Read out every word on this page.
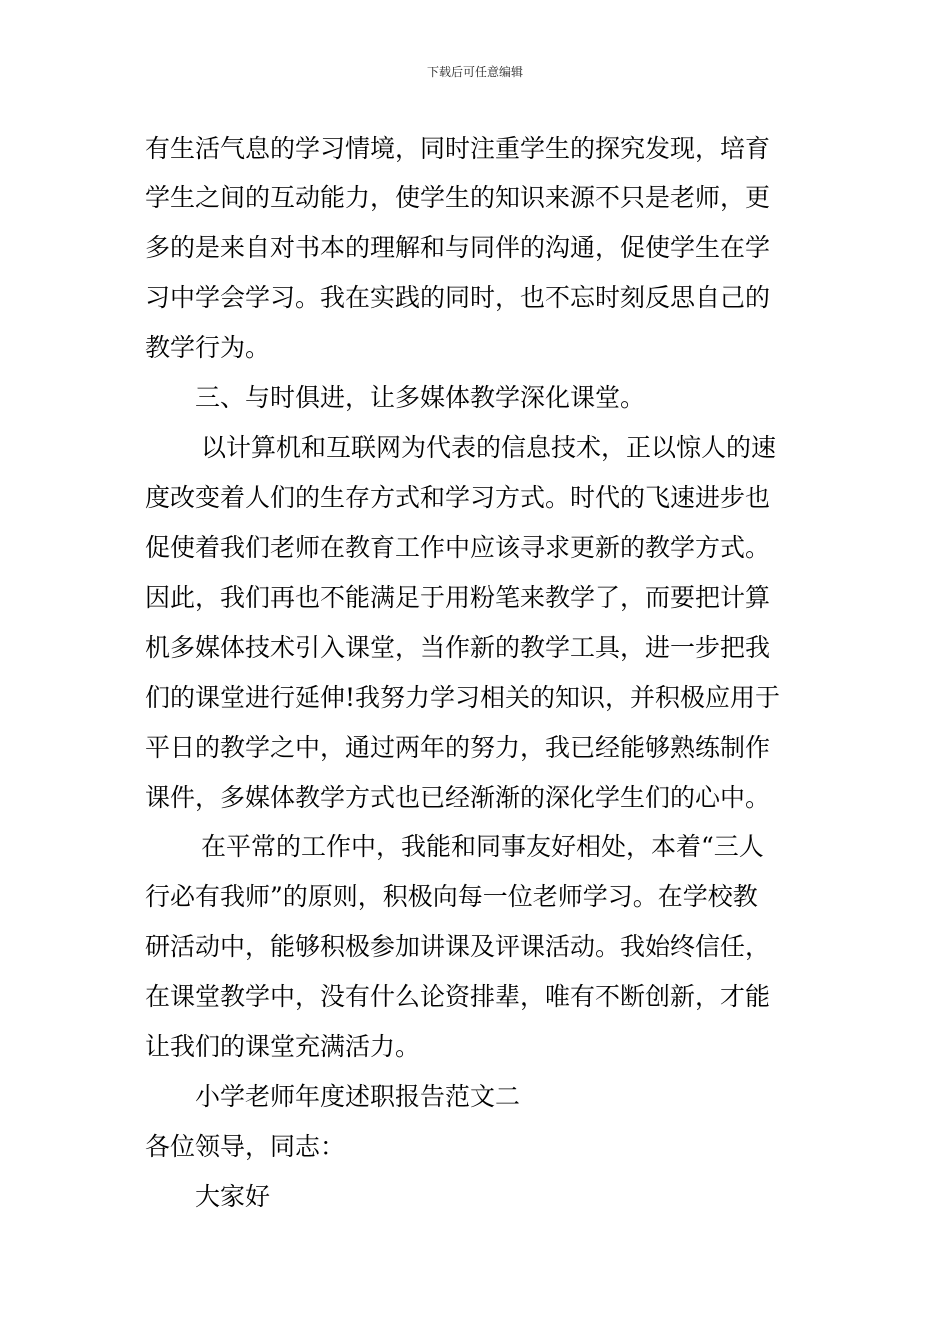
下载后可任意编辑
有生活气息的学习情境，同时注重学生的探究发现，培育
学生之间的互动能力，使学生的知识来源不只是老师，更
多的是来自对书本的理解和与同伴的沟通，促使学生在学
习中学会学习。我在实践的同时，也不忘时刻反思自己的
教学行为。
三、与时俱进，让多媒体教学深化课堂。
以计算机和互联网为代表的信息技术，正以惊人的速
度改变着人们的生存方式和学习方式。时代的飞速进步也
促使着我们老师在教育工作中应该寻求更新的教学方式。
因此，我们再也不能满足于用粉笔来教学了，而要把计算
机多媒体技术引入课堂，当作新的教学工具，进一步把我
们的课堂进行延伸!我努力学习相关的知识，并积极应用于
平日的教学之中，通过两年的努力，我已经能够熟练制作
课件，多媒体教学方式也已经渐渐的深化学生们的心中。
在平常的工作中，我能和同事友好相处，本着“三人
行必有我师”的原则，积极向每一位老师学习。在学校教
研活动中，能够积极参加讲课及评课活动。我始终信任，
在课堂教学中，没有什么论资排辈，唯有不断创新，才能
让我们的课堂充满活力。
小学老师年度述职报告范文二
各位领导，同志：
大家好
